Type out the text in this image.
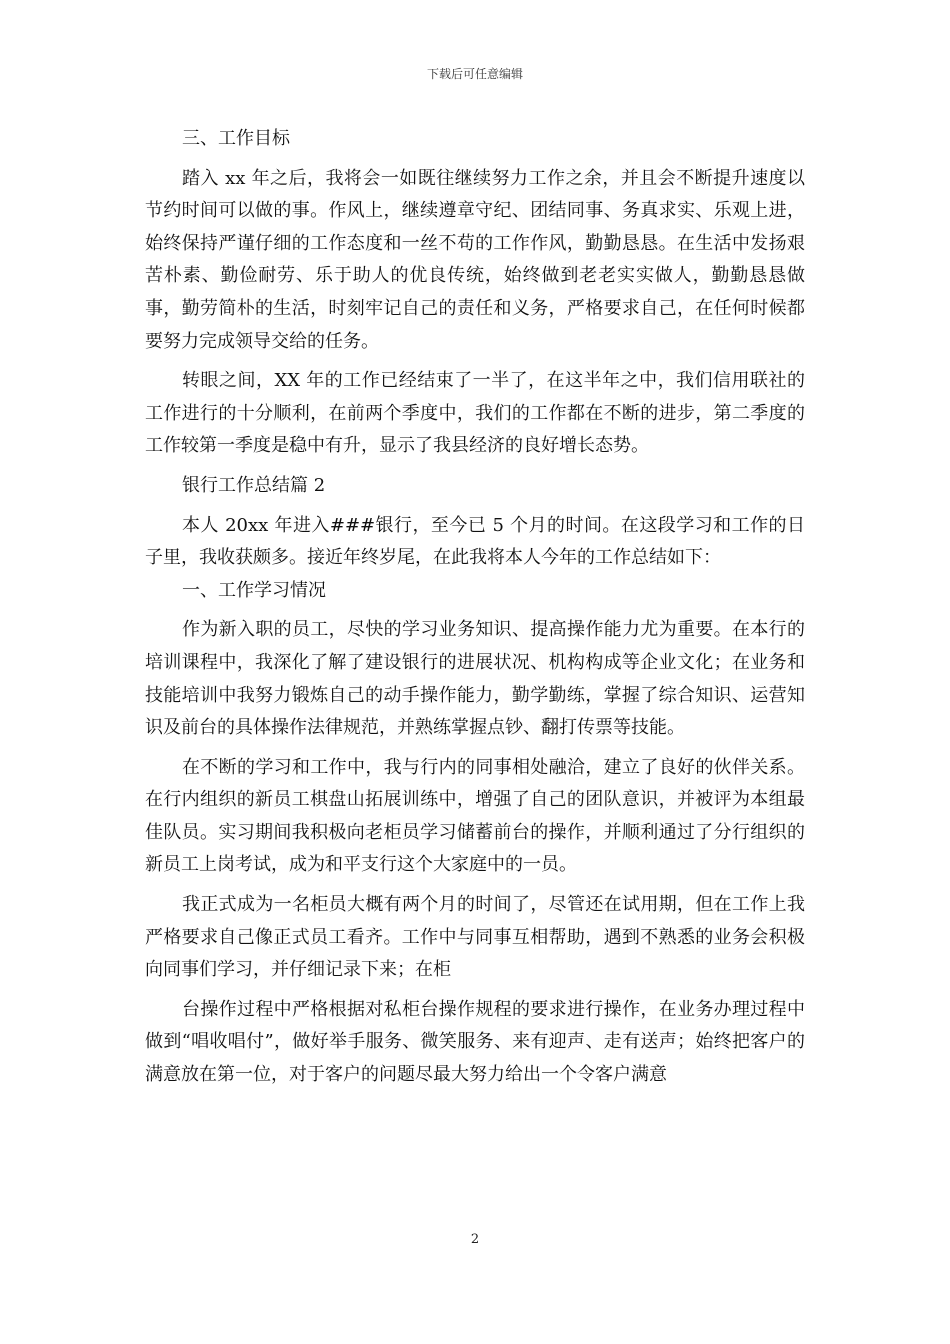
下载后可任意编辑

三、工作目标

踏入 xx 年之后，我将会一如既往继续努力工作之余，并且会不断提升速度以节约时间可以做的事。作风上，继续遵章守纪、团结同事、务真求实、乐观上进，始终保持严谨仔细的工作态度和一丝不苟的工作作风，勤勤恳恳。在生活中发扬艰苦朴素、勤俭耐劳、乐于助人的优良传统，始终做到老老实实做人，勤勤恳恳做事，勤劳简朴的生活，时刻牢记自己的责任和义务，严格要求自己，在任何时候都要努力完成领导交给的任务。

转眼之间，XX 年的工作已经结束了一半了，在这半年之中，我们信用联社的工作进行的十分顺利，在前两个季度中，我们的工作都在不断的进步，第二季度的工作较第一季度是稳中有升，显示了我县经济的良好增长态势。

银行工作总结篇 2

本人 20xx 年进入###银行，至今已 5 个月的时间。在这段学习和工作的日子里，我收获颇多。接近年终岁尾，在此我将本人今年的工作总结如下：

一、工作学习情况

作为新入职的员工，尽快的学习业务知识、提高操作能力尤为重要。在本行的培训课程中，我深化了解了建设银行的进展状况、机构构成等企业文化；在业务和技能培训中我努力锻炼自己的动手操作能力，勤学勤练，掌握了综合知识、运营知识及前台的具体操作法律规范，并熟练掌握点钞、翻打传票等技能。

在不断的学习和工作中，我与行内的同事相处融洽，建立了良好的伙伴关系。在行内组织的新员工棋盘山拓展训练中，增强了自己的团队意识，并被评为本组最佳队员。实习期间我积极向老柜员学习储蓄前台的操作，并顺利通过了分行组织的新员工上岗考试，成为和平支行这个大家庭中的一员。

我正式成为一名柜员大概有两个月的时间了，尽管还在试用期，但在工作上我严格要求自己像正式员工看齐。工作中与同事互相帮助，遇到不熟悉的业务会积极向同事们学习，并仔细记录下来；在柜

台操作过程中严格根据对私柜台操作规程的要求进行操作，在业务办理过程中做到“唱收唱付”，做好举手服务、微笑服务、来有迎声、走有送声；始终把客户的满意放在第一位，对于客户的问题尽最大努力给出一个令客户满意

2
